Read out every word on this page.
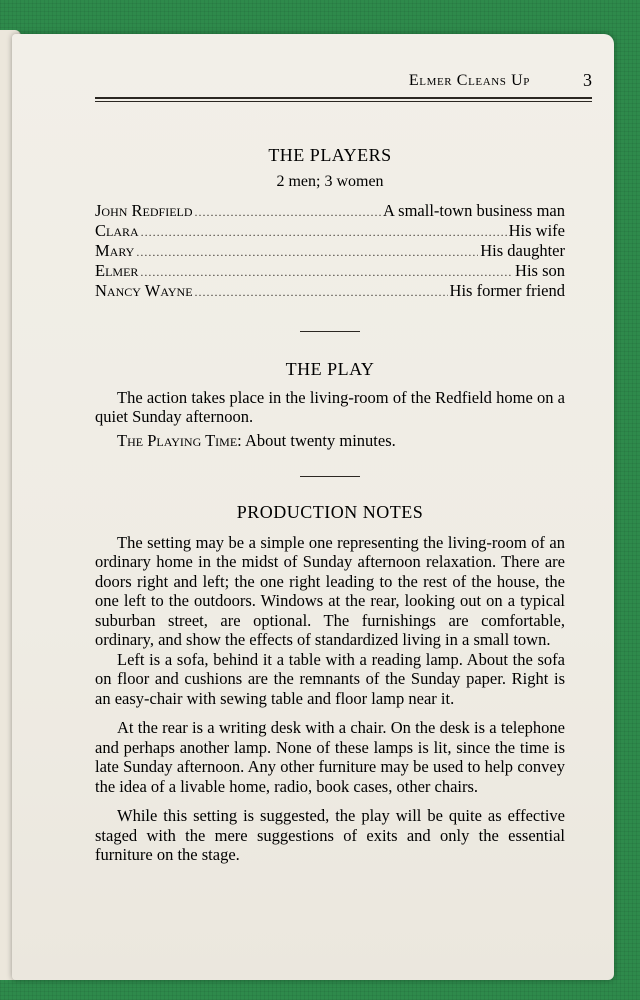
Elmer Cleans Up	3
THE PLAYERS
2 men; 3 women
John Redfield .....	A small-town business man
Clara .....	His wife
Mary .....	His daughter
Elmer .....	His son
Nancy Wayne .....	His former friend
THE PLAY

The action takes place in the living-room of the Redfield home on a quiet Sunday afternoon.

The Playing Time: About twenty minutes.

PRODUCTION NOTES

The setting may be a simple one representing the living-room of an ordinary home in the midst of Sunday afternoon relaxation. There are doors right and left; the one right leading to the rest of the house, the one left to the outdoors. Windows at the rear, looking out on a typical suburban street, are optional. The furnishings are comfortable, ordinary, and show the effects of standardized living in a small town.

Left is a sofa, behind it a table with a reading lamp. About the sofa on floor and cushions are the remnants of the Sunday paper. Right is an easy-chair with sewing table and floor lamp near it.

At the rear is a writing desk with a chair. On the desk is a telephone and perhaps another lamp. None of these lamps is lit, since the time is late Sunday afternoon. Any other furniture may be used to help convey the idea of a livable home, radio, book cases, other chairs.

While this setting is suggested, the play will be quite as effective staged with the mere suggestions of exits and only the essential furniture on the stage.
